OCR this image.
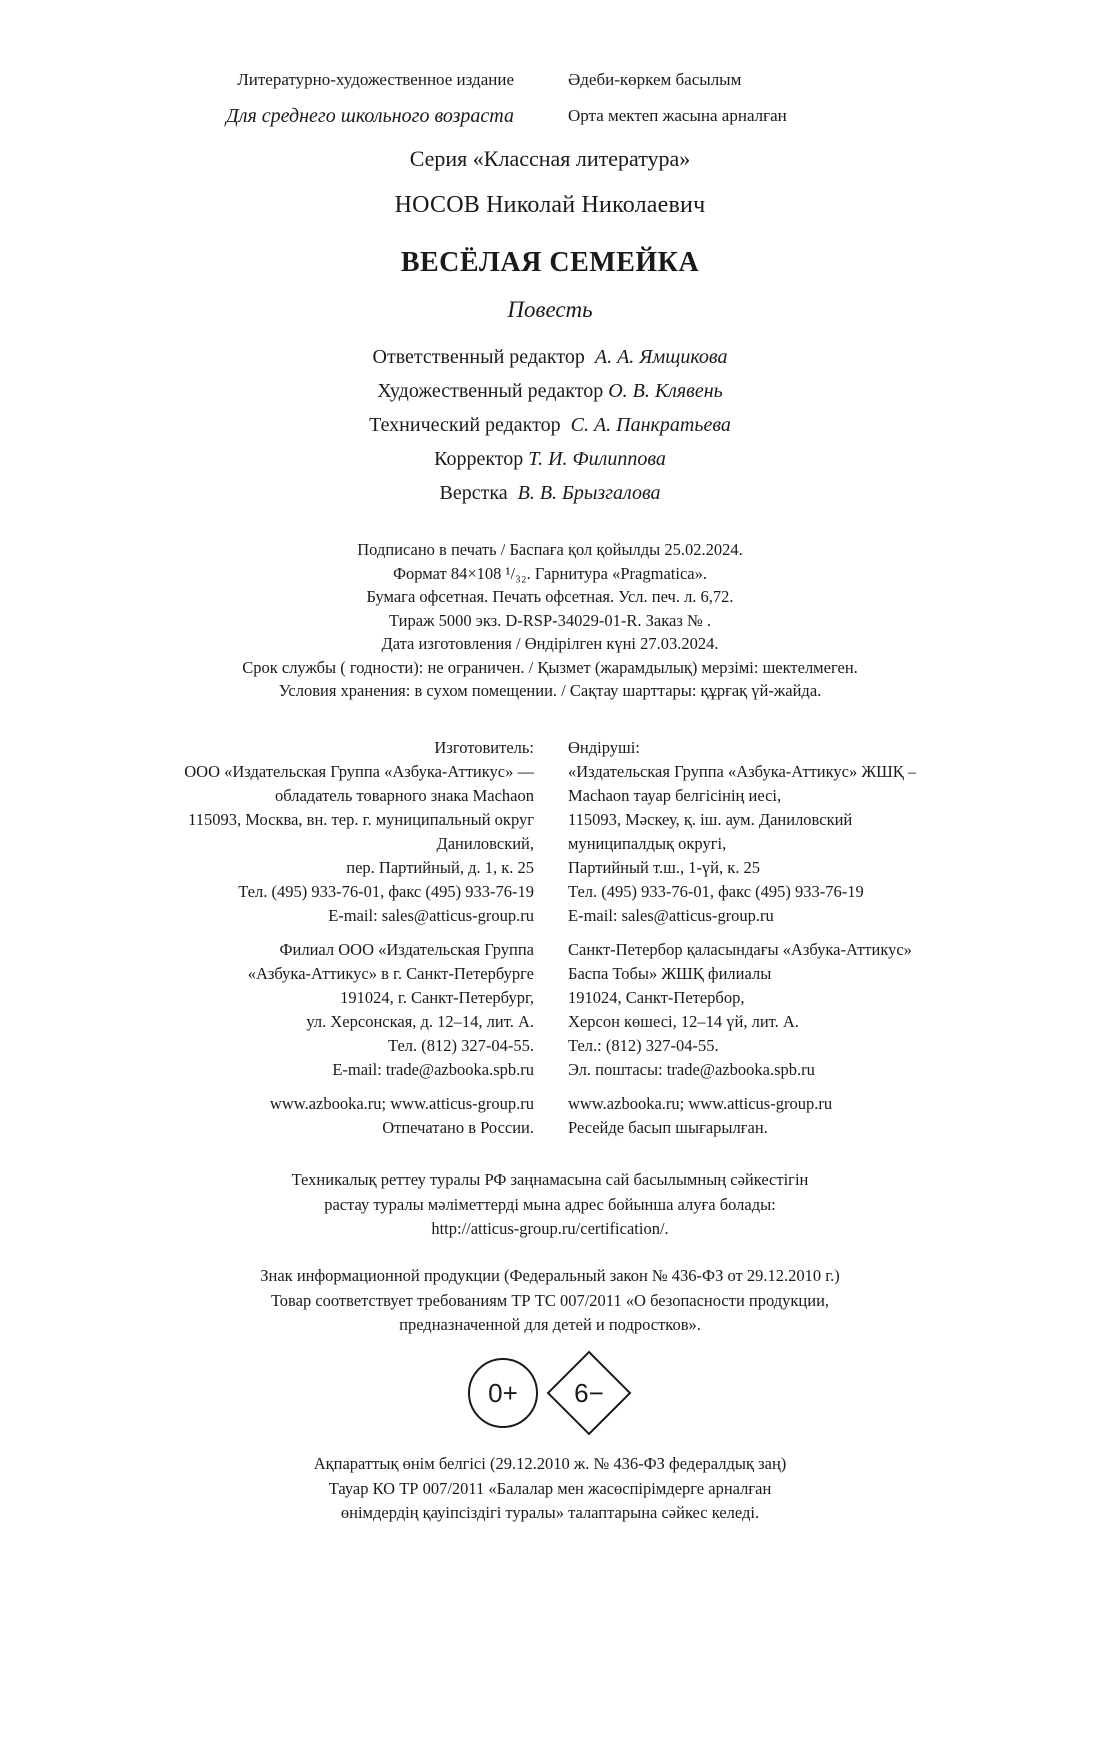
Литературно-художественное издание	Әдеби-көркем басылым
Для среднего школьного возраста	Орта мектеп жасына арналған
Серия «Классная литература»
НОСОВ Николай Николаевич
ВЕСЁЛАЯ СЕМЕЙКА
Повесть
Ответственный редактор А. А. Ямщикова
Художественный редактор О. В. Клявень
Технический редактор С. А. Панкратьева
Корректор Т. И. Филиппова
Верстка В. В. Брызгалова
Подписано в печать / Баспаға қол қойылды 25.02.2024.
Формат 84×108 ¹/₃₂. Гарнитура «Pragmatica».
Бумага офсетная. Печать офсетная. Усл. печ. л. 6,72.
Тираж 5000 экз. D-RSP-34029-01-R. Заказ № .
Дата изготовления / Өндірілген күні 27.03.2024.
Срок службы ( годности): не ограничен. / Қызмет (жарамдылық) мерзімі: шектелмеген.
Условия хранения: в сухом помещении. / Сақтау шарттары: құрғақ үй-жайда.
Изготовитель:
ООО «Издательская Группа «Азбука-Аттикус» —
обладатель товарного знака Machaon
115093, Москва, вн. тер. г. муниципальный округ
Даниловский,
пер. Партийный, д. 1, к. 25
Тел. (495) 933-76-01, факс (495) 933-76-19
E-mail: sales@atticus-group.ru
Өндіруші:
«Издательская Группа «Азбука-Аттикус» ЖШҚ –
Machaon тауар белгісінің иесі,
115093, Мәскеу, қ. іш. аум. Даниловский
муниципалдық округі,
Партийный т.ш., 1-үй, к. 25
Тел. (495) 933-76-01, факс (495) 933-76-19
E-mail: sales@atticus-group.ru
Филиал ООО «Издательская Группа
«Азбука-Аттикус» в г. Санкт-Петербурге
191024, г. Санкт-Петербург,
ул. Херсонская, д. 12–14, лит. А.
Тел. (812) 327-04-55.
E-mail: trade@azbooka.spb.ru
Санкт-Петербор қаласындағы «Азбука-Аттикус»
Баспа Тобы» ЖШҚ филиалы
191024, Санкт-Петербор,
Херсон көшесі, 12–14 үй, лит. А.
Тел.: (812) 327-04-55.
Эл. поштасы: trade@azbooka.spb.ru
www.azbooka.ru; www.atticus-group.ru
Отпечатано в России.
www.azbooka.ru; www.atticus-group.ru
Ресейде басып шығарылған.
Техникалық реттеу туралы РФ заңнамасына сай басылымның сәйкестігін
растау туралы мәліметтерді мына адрес бойынша алуға болады:
http://atticus-group.ru/certification/.
Знак информационной продукции (Федеральный закон № 436-ФЗ от 29.12.2010 г.)
Товар соответствует требованиям ТР ТС 007/2011 «О безопасности продукции,
предназначенной для детей и подростков».
0+	6−
Ақпараттық өнім белгісі (29.12.2010 ж. № 436-ФЗ федералдық заң)
Тауар КО ТР 007/2011 «Балалар мен жасөспірімдерге арналған
өнімдердің қауіпсіздігі туралы» талаптарына сәйкес келеді.
